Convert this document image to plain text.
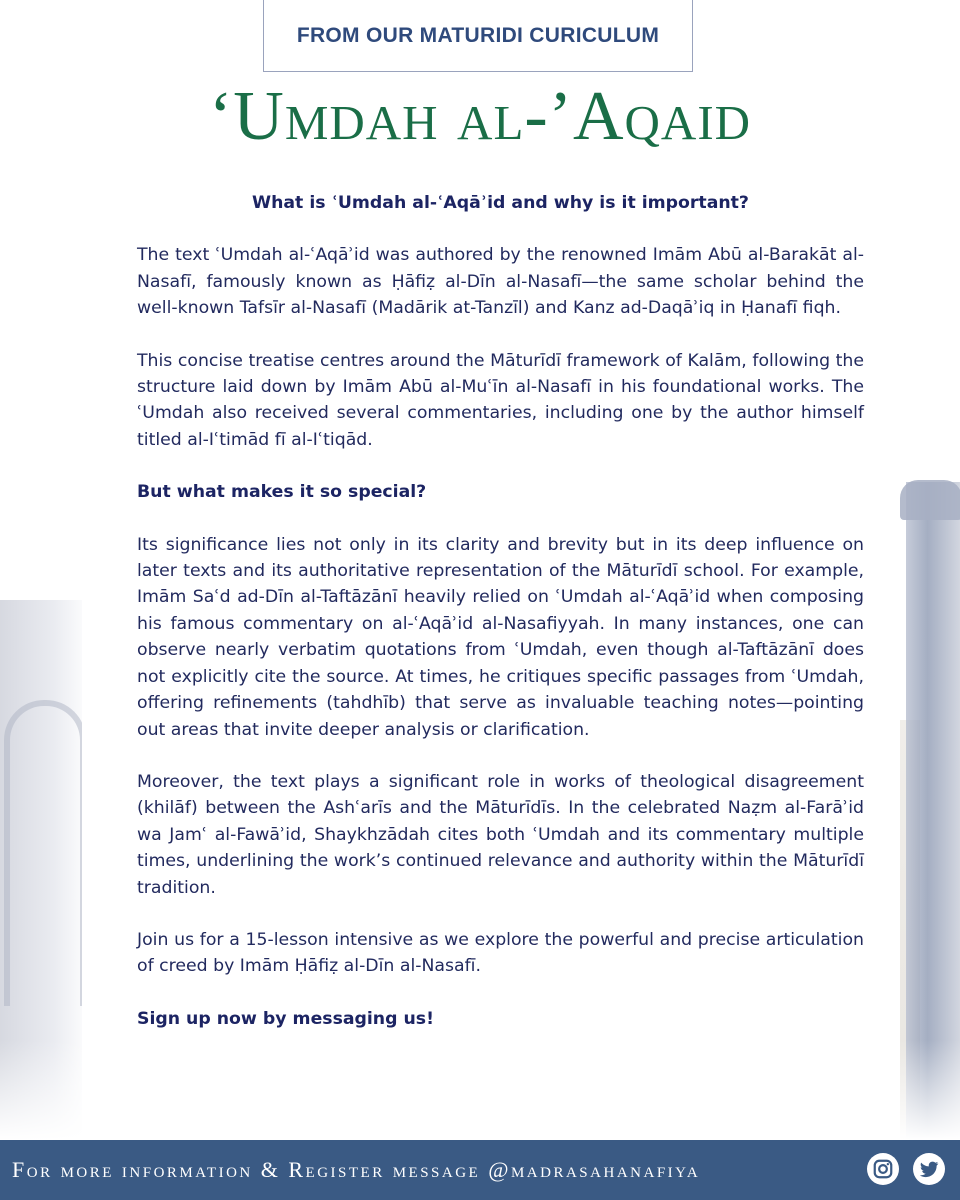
FROM OUR MATURIDI CURICULUM
‘Umdah al-’Aqaid

What is ʿUmdah al-ʿAqāʾid and why is it important?

The text ʿUmdah al-ʿAqāʾid was authored by the renowned Imām Abū al-Barakāt al-Nasafī, famously known as Ḥāfiẓ al-Dīn al-Nasafī—the same scholar behind the well-known Tafsīr al-Nasafī (Madārik at-Tanzīl) and Kanz ad-Daqāʾiq in Ḥanafī fiqh.

This concise treatise centres around the Māturīdī framework of Kalām, following the structure laid down by Imām Abū al-Muʿīn al-Nasafī in his foundational works. The ʿUmdah also received several commentaries, including one by the author himself titled al-Iʿtimād fī al-Iʿtiqād.

But what makes it so special?

Its significance lies not only in its clarity and brevity but in its deep influence on later texts and its authoritative representation of the Māturīdī school. For example, Imām Saʿd ad-Dīn al-Taftāzānī heavily relied on ʿUmdah al-ʿAqāʾid when composing his famous commentary on al-ʿAqāʾid al-Nasafiyyah. In many instances, one can observe nearly verbatim quotations from ʿUmdah, even though al-Taftāzānī does not explicitly cite the source. At times, he critiques specific passages from ʿUmdah, offering refinements (tahdhīb) that serve as invaluable teaching notes—pointing out areas that invite deeper analysis or clarification.

Moreover, the text plays a significant role in works of theological disagreement (khilāf) between the Ashʿarīs and the Māturīdīs. In the celebrated Naẓm al-Farāʾid wa Jamʿ al-Fawāʾid, Shaykhzādah cites both ʿUmdah and its commentary multiple times, underlining the work’s continued relevance and authority within the Māturīdī tradition.

Join us for a 15-lesson intensive as we explore the powerful and precise articulation of creed by Imām Ḥāfiẓ al-Dīn al-Nasafī.

Sign up now by messaging us!

For more information & Register message @madrasahanafiya
